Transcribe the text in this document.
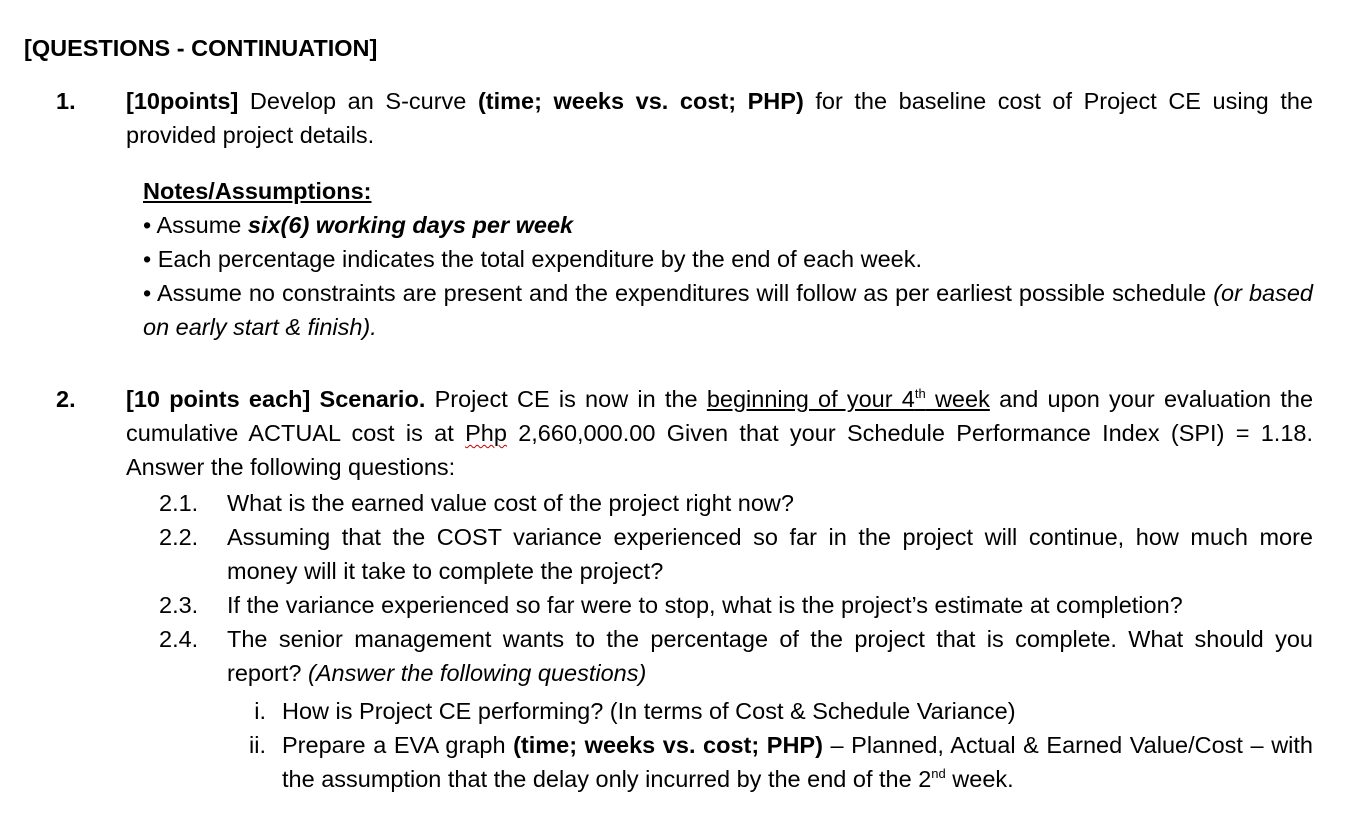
[QUESTIONS - CONTINUATION]
1. [10points] Develop an S-curve (time; weeks vs. cost; PHP) for the baseline cost of Project CE using the provided project details.
Notes/Assumptions:
• Assume six(6) working days per week
• Each percentage indicates the total expenditure by the end of each week.
• Assume no constraints are present and the expenditures will follow as per earliest possible schedule (or based on early start & finish).
2. [10 points each] Scenario. Project CE is now in the beginning of your 4th week and upon your evaluation the cumulative ACTUAL cost is at Php 2,660,000.00 Given that your Schedule Performance Index (SPI) = 1.18. Answer the following questions:
2.1. What is the earned value cost of the project right now?
2.2. Assuming that the COST variance experienced so far in the project will continue, how much more money will it take to complete the project?
2.3. If the variance experienced so far were to stop, what is the project’s estimate at completion?
2.4. The senior management wants to the percentage of the project that is complete. What should you report? (Answer the following questions)
i. How is Project CE performing? (In terms of Cost & Schedule Variance)
ii. Prepare a EVA graph (time; weeks vs. cost; PHP) – Planned, Actual & Earned Value/Cost – with the assumption that the delay only incurred by the end of the 2nd week.
